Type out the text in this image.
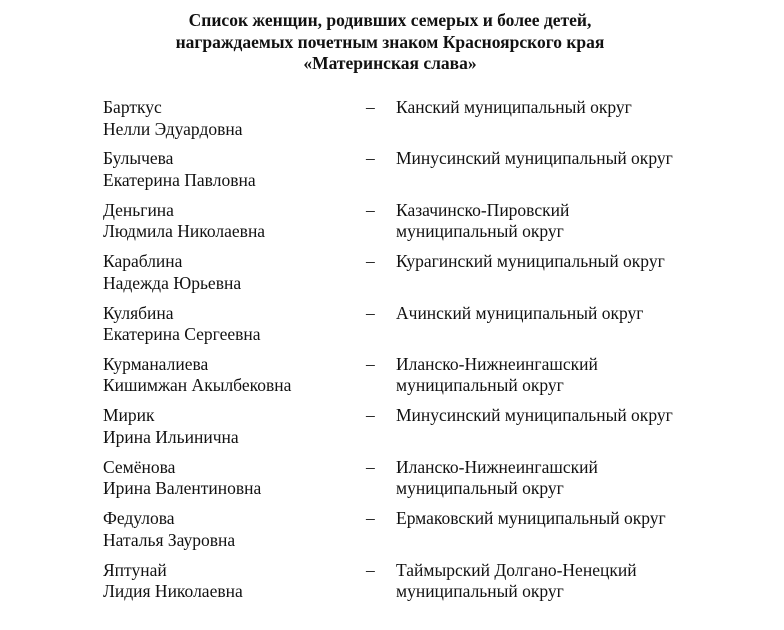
Список женщин, родивших семерых и более детей,
награждаемых почетным знаком Красноярского края
«Материнская слава»
Барткус
Нелли Эдуардовна
– Канский муниципальный округ
Булычева
Екатерина Павловна
– Минусинский муниципальный округ
Деньгина
Людмила Николаевна
– Казачинско-Пировский
муниципальный округ
Караблина
Надежда Юрьевна
– Курагинский муниципальный округ
Кулябина
Екатерина Сергеевна
– Ачинский муниципальный округ
Курманалиева
Кишимжан Акылбековна
– Иланско-Нижнеингашский
муниципальный округ
Мирик
Ирина Ильинична
– Минусинский муниципальный округ
Семёнова
Ирина Валентиновна
– Иланско-Нижнеингашский
муниципальный округ
Федулова
Наталья Зауровна
– Ермаковский муниципальный округ
Яптунай
Лидия Николаевна
– Таймырский Долгано-Ненецкий
муниципальный округ
